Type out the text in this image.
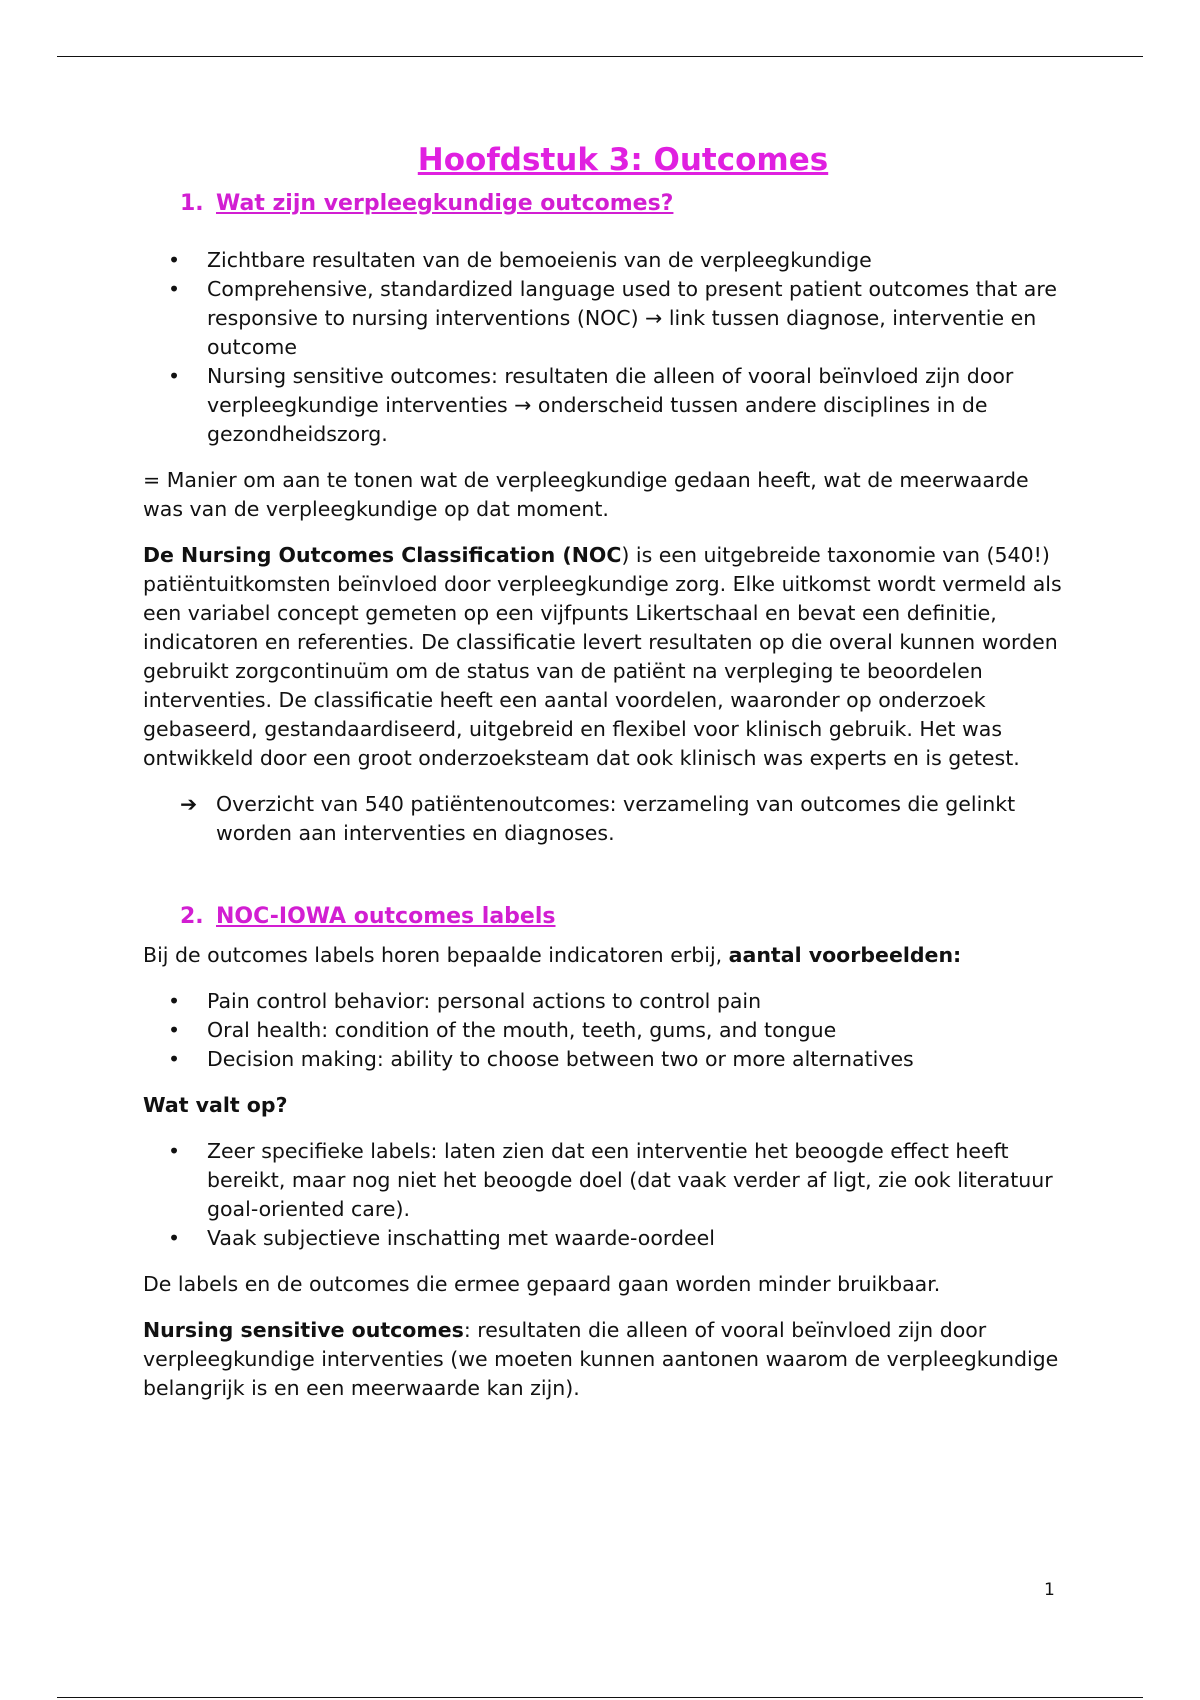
Hoofdstuk 3: Outcomes
1. Wat zijn verpleegkundige outcomes?
• Zichtbare resultaten van de bemoeienis van de verpleegkundige
• Comprehensive, standardized language used to present patient outcomes that are responsive to nursing interventions (NOC) → link tussen diagnose, interventie en outcome
• Nursing sensitive outcomes: resultaten die alleen of vooral beïnvloed zijn door verpleegkundige interventies → onderscheid tussen andere disciplines in de gezondheidszorg.

= Manier om aan te tonen wat de verpleegkundige gedaan heeft, wat de meerwaarde was van de verpleegkundige op dat moment.

De Nursing Outcomes Classification (NOC) is een uitgebreide taxonomie van (540!) patiëntuitkomsten beïnvloed door verpleegkundige zorg. Elke uitkomst wordt vermeld als een variabel concept gemeten op een vijfpunts Likertschaal en bevat een definitie, indicatoren en referenties. De classificatie levert resultaten op die overal kunnen worden gebruikt zorgcontinuüm om de status van de patiënt na verpleging te beoordelen interventies. De classificatie heeft een aantal voordelen, waaronder op onderzoek gebaseerd, gestandaardiseerd, uitgebreid en flexibel voor klinisch gebruik. Het was ontwikkeld door een groot onderzoeksteam dat ook klinisch was experts en is getest.

➔ Overzicht van 540 patiëntenoutcomes: verzameling van outcomes die gelinkt worden aan interventies en diagnoses.
2. NOC-IOWA outcomes labels

Bij de outcomes labels horen bepaalde indicatoren erbij, aantal voorbeelden:

• Pain control behavior: personal actions to control pain
• Oral health: condition of the mouth, teeth, gums, and tongue
• Decision making: ability to choose between two or more alternatives

Wat valt op?

• Zeer specifieke labels: laten zien dat een interventie het beoogde effect heeft bereikt, maar nog niet het beoogde doel (dat vaak verder af ligt, zie ook literatuur goal-oriented care).
• Vaak subjectieve inschatting met waarde-oordeel

De labels en de outcomes die ermee gepaard gaan worden minder bruikbaar.

Nursing sensitive outcomes: resultaten die alleen of vooral beïnvloed zijn door verpleegkundige interventies (we moeten kunnen aantonen waarom de verpleegkundige belangrijk is en een meerwaarde kan zijn).

1
